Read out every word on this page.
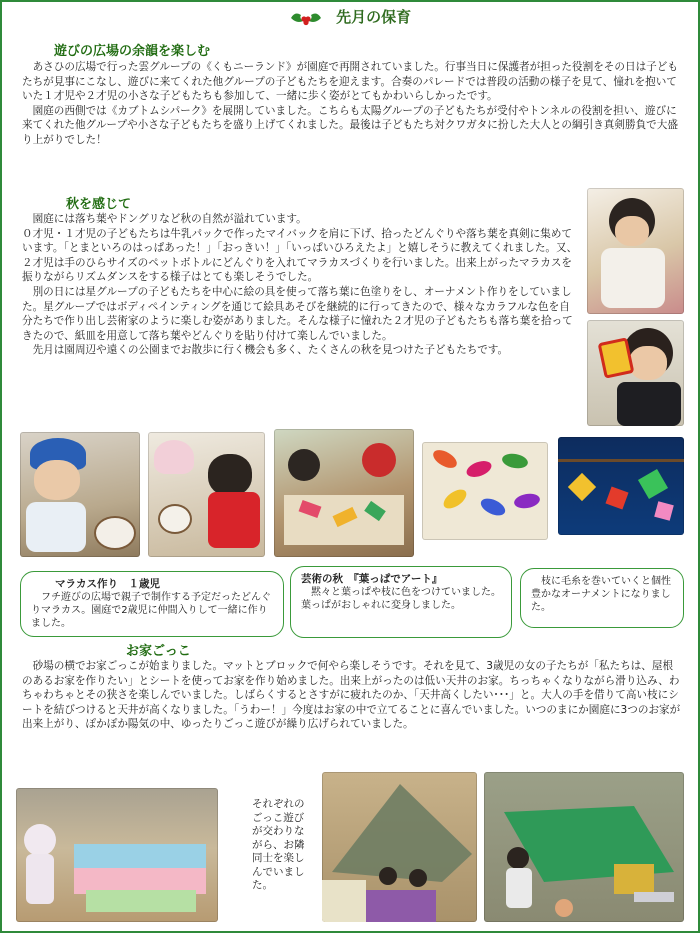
先月の保育
遊びの広場の余韻を楽しむ
　あさひの広場で行った雲グループの《くもニーランド》が園庭で再開されていました。行事当日に保護者が担った役割をその日は子どもたちが見事にこなし、遊びに来てくれた他グループの子どもたちを迎えます。合奏のパレードでは普段の活動の様子を見て、憧れを抱いていた１才児や２才児の小さな子どもたちも参加して、一緒に歩く姿がとてもかわいらしかったです。
　園庭の西側では《カブトムシパーク》を展開していました。こちらも太陽グループの子どもたちが受付やトンネルの役割を担い、遊びに来てくれた他グループや小さな子どもたちを盛り上げてくれました。最後は子どもたち対クワガタに扮した大人との綱引き真剣勝負で大盛り上がりでした！
秋を感じて
　園庭には落ち葉やドングリなど秋の自然が溢れています。
０才児・１才児の子どもたちは牛乳パックで作ったマイバックを肩に下げ、拾ったどんぐりや落ち葉を真剣に集めています。「とまといろのはっぱあった！」「おっきい！」「いっぱいひろえたよ」と嬉しそうに教えてくれました。又、２才児は手のひらサイズのペットボトルにどんぐりを入れてマラカスづくりを行いました。出来上がったマラカスを振りながらリズムダンスをする様子はとても楽しそうでした。
　別の日には星グループの子どもたちを中心に絵の具を使って落ち葉に色塗りをし、オーナメント作りをしていました。星グループではボディペインティングを通じて絵具あそびを継続的に行ってきたので、様々なカラフルな色を自分たちで作り出し芸術家のように楽しむ姿がありました。そんな様子に憧れた２才児の子どもたちも落ち葉を拾ってきたので、紙皿を用意して落ち葉やどんぐりを貼り付けて楽しんでいました。
　先月は園周辺や遠くの公園までお散歩に行く機会も多く、たくさんの秋を見つけた子どもたちです。
マラカス作り　１歳児
　フチ遊びの広場で親子で制作する予定だったどんぐりマラカス。園庭で2歳児に仲間入りして一緒に作りました。
芸術の秋　『葉っぱでアート』
　黙々と葉っぱや枝に色をつけていました。葉っぱがおしゃれに変身しました。
　枝に毛糸を巻いていくと個性豊かなオーナメントになりました。
お家ごっこ
　砂場の横でお家ごっこが始まりました。マットとブロックで何やら楽しそうです。それを見て、3歳児の女の子たちが「私たちは、屋根のあるお家を作りたい」とシートを使ってお家を作り始めました。出来上がったのは低い天井のお家。ちっちゃくなりながら滑り込み、わちゃわちゃとその狭さを楽しんでいました。しばらくするとさすがに疲れたのか、「天井高くしたい･･･」と。大人の手を借りて高い枝にシートを結びつけると天井が高くなりました。「うわー！」今度はお家の中で立てることに喜んでいました。いつのまにか園庭に3つのお家が出来上がり、ぽかぽか陽気の中、ゆったりごっこ遊びが繰り広げられていました。
それぞれのごっこ遊びが交わりながら、お隣同士を楽しんでいました。
